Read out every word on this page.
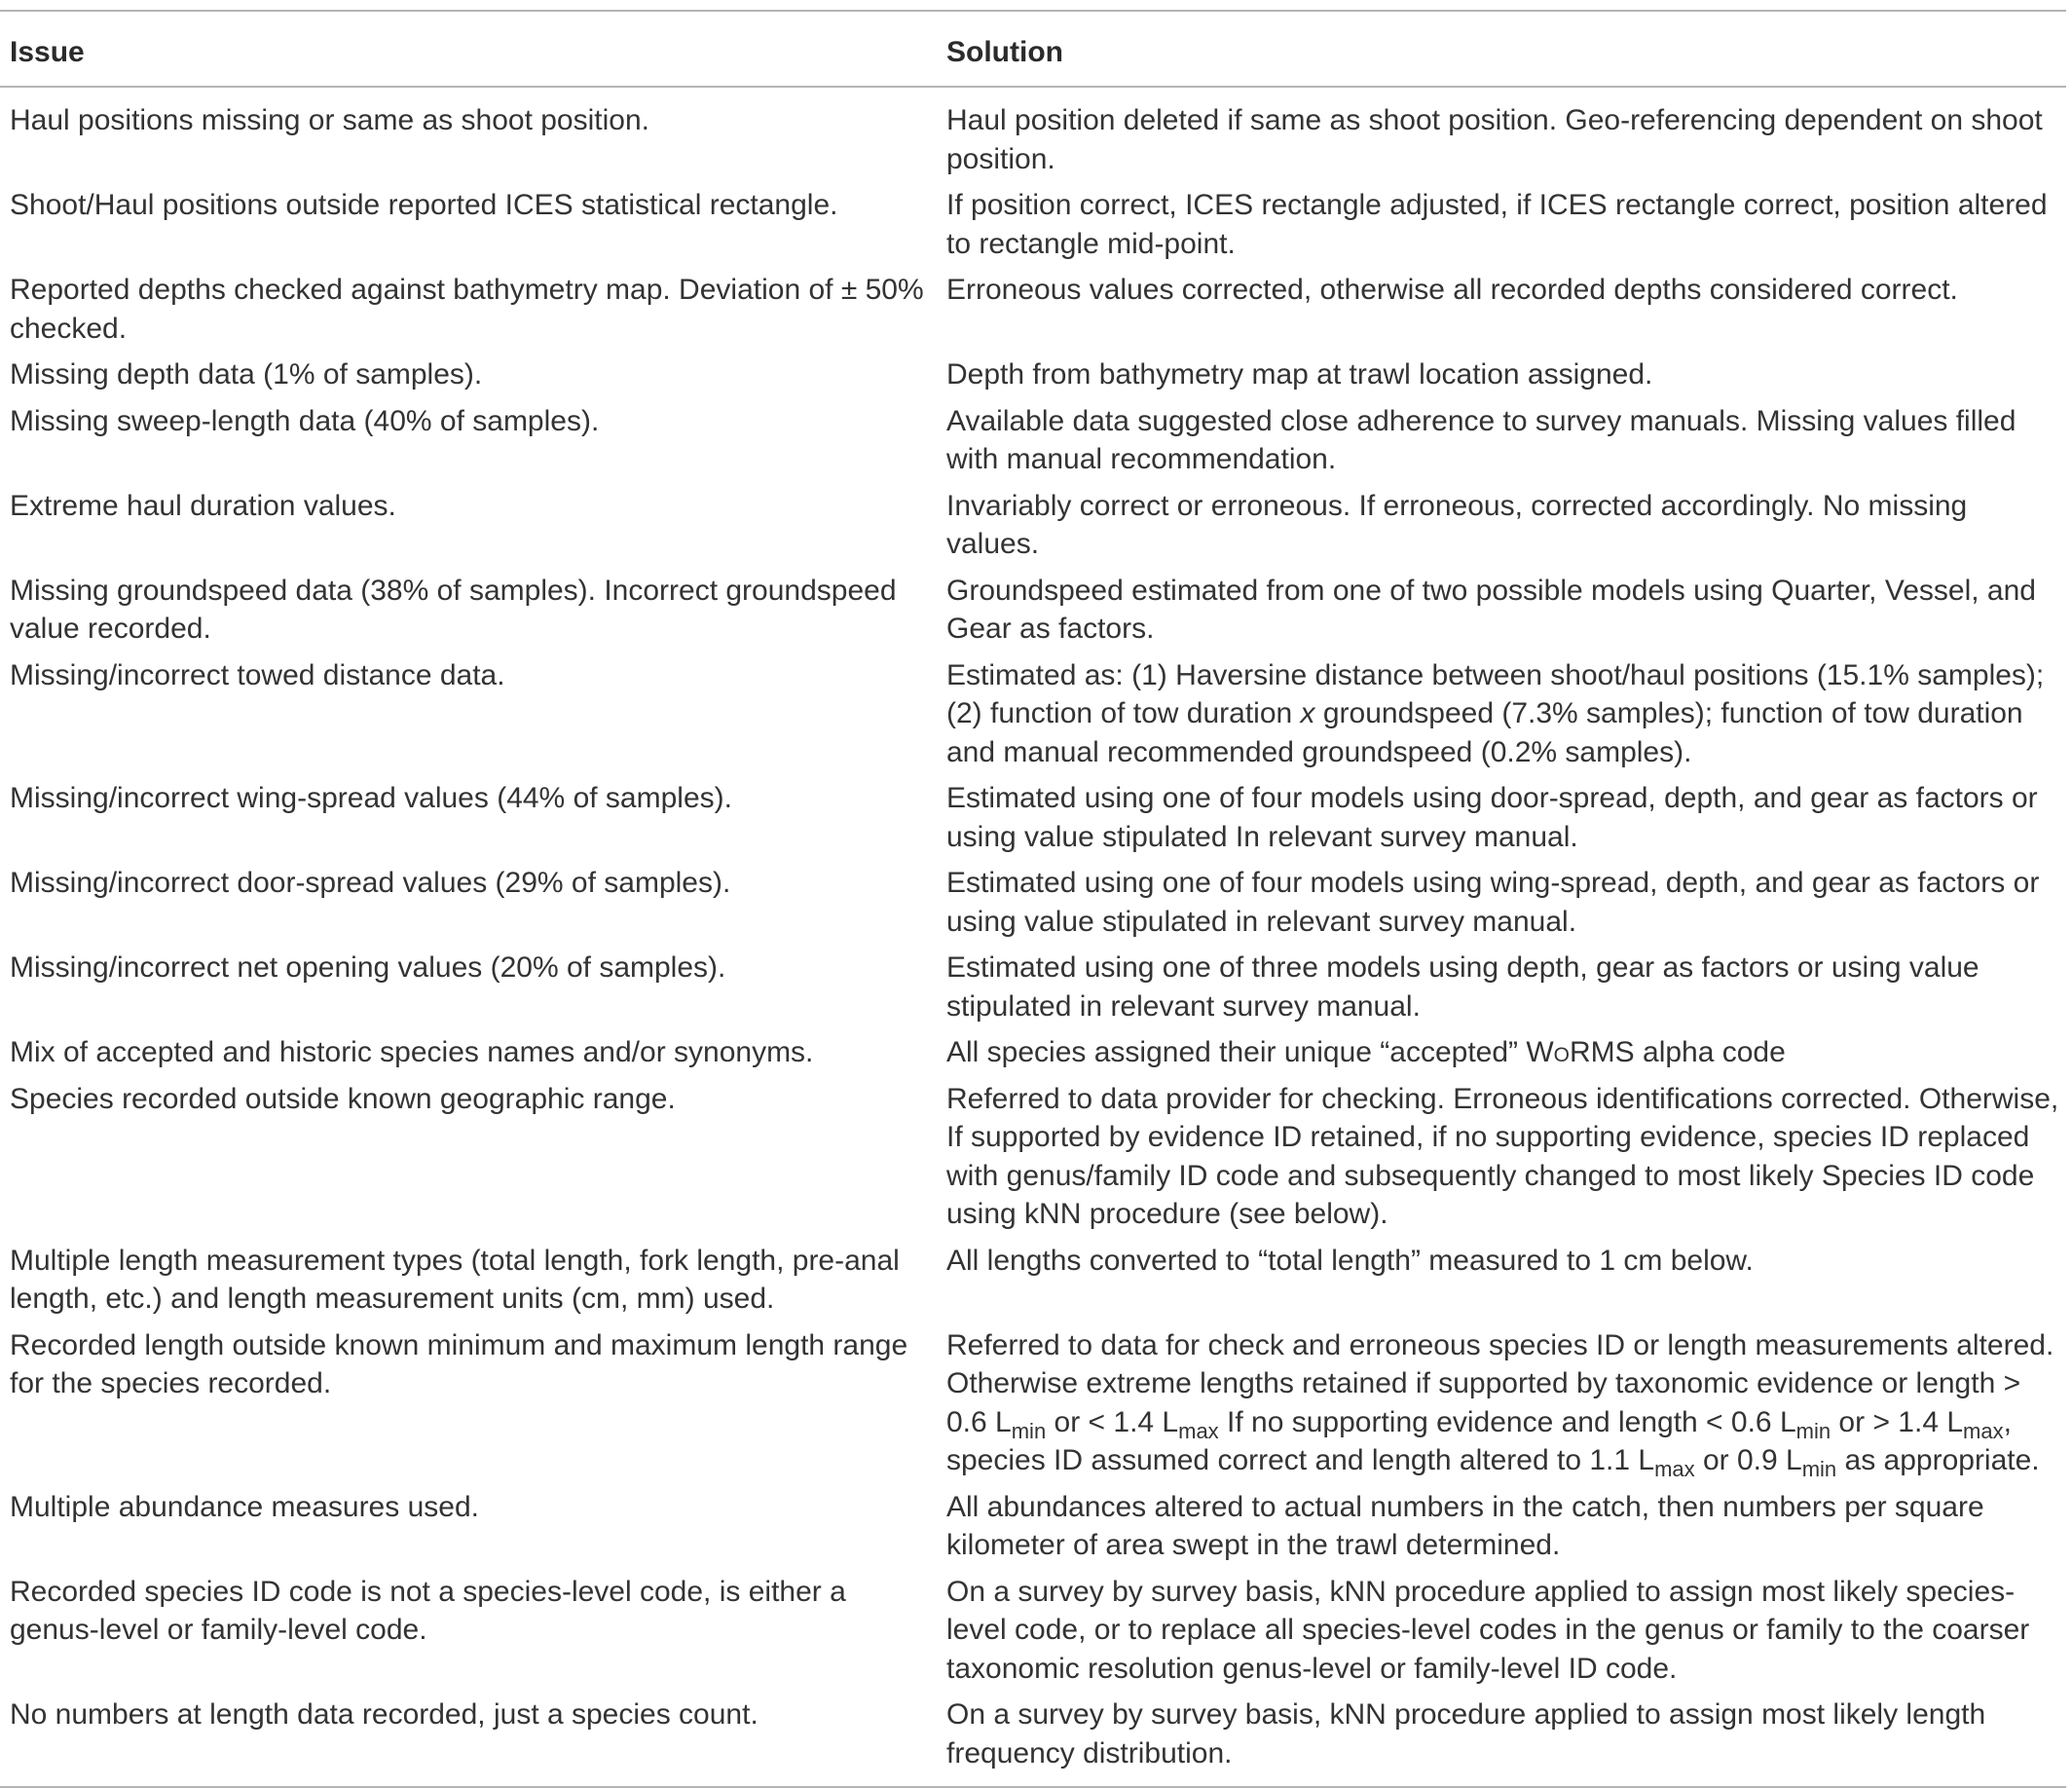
Issue	Solution
Haul positions missing or same as shoot position.	Haul position deleted if same as shoot position. Geo-referencing dependent on shoot position.
Shoot/Haul positions outside reported ICES statistical rectangle.	If position correct, ICES rectangle adjusted, if ICES rectangle correct, position altered to rectangle mid-point.
Reported depths checked against bathymetry map. Deviation of ± 50% checked.	Erroneous values corrected, otherwise all recorded depths considered correct.
Missing depth data (1% of samples).	Depth from bathymetry map at trawl location assigned.
Missing sweep-length data (40% of samples).	Available data suggested close adherence to survey manuals. Missing values filled with manual recommendation.
Extreme haul duration values.	Invariably correct or erroneous. If erroneous, corrected accordingly. No missing values.
Missing groundspeed data (38% of samples). Incorrect groundspeed value recorded.	Groundspeed estimated from one of two possible models using Quarter, Vessel, and Gear as factors.
Missing/incorrect towed distance data.	Estimated as: (1) Haversine distance between shoot/haul positions (15.1% samples); (2) function of tow duration x groundspeed (7.3% samples); function of tow duration and manual recommended groundspeed (0.2% samples).
Missing/incorrect wing-spread values (44% of samples).	Estimated using one of four models using door-spread, depth, and gear as factors or using value stipulated In relevant survey manual.
Missing/incorrect door-spread values (29% of samples).	Estimated using one of four models using wing-spread, depth, and gear as factors or using value stipulated in relevant survey manual.
Missing/incorrect net opening values (20% of samples).	Estimated using one of three models using depth, gear as factors or using value stipulated in relevant survey manual.
Mix of accepted and historic species names and/or synonyms.	All species assigned their unique “accepted” WoRMS alpha code
Species recorded outside known geographic range.	Referred to data provider for checking. Erroneous identifications corrected. Otherwise, If supported by evidence ID retained, if no supporting evidence, species ID replaced with genus/family ID code and subsequently changed to most likely Species ID code using kNN procedure (see below).
Multiple length measurement types (total length, fork length, pre-anal length, etc.) and length measurement units (cm, mm) used.	All lengths converted to “total length” measured to 1 cm below.
Recorded length outside known minimum and maximum length range for the species recorded.	Referred to data for check and erroneous species ID or length measurements altered. Otherwise extreme lengths retained if supported by taxonomic evidence or length > 0.6 $L_{min}$ or < 1.4 $L_{max}$ If no supporting evidence and length < 0.6 $L_{min}$ or > 1.4 $L_{max}$, species ID assumed correct and length altered to 1.1 $L_{max}$ or 0.9 $L_{min}$ as appropriate.
Multiple abundance measures used.	All abundances altered to actual numbers in the catch, then numbers per square kilometer of area swept in the trawl determined.
Recorded species ID code is not a species-level code, is either a genus-level or family-level code.	On a survey by survey basis, kNN procedure applied to assign most likely species-level code, or to replace all species-level codes in the genus or family to the coarser taxonomic resolution genus-level or family-level ID code.
No numbers at length data recorded, just a species count.	On a survey by survey basis, kNN procedure applied to assign most likely length frequency distribution.
